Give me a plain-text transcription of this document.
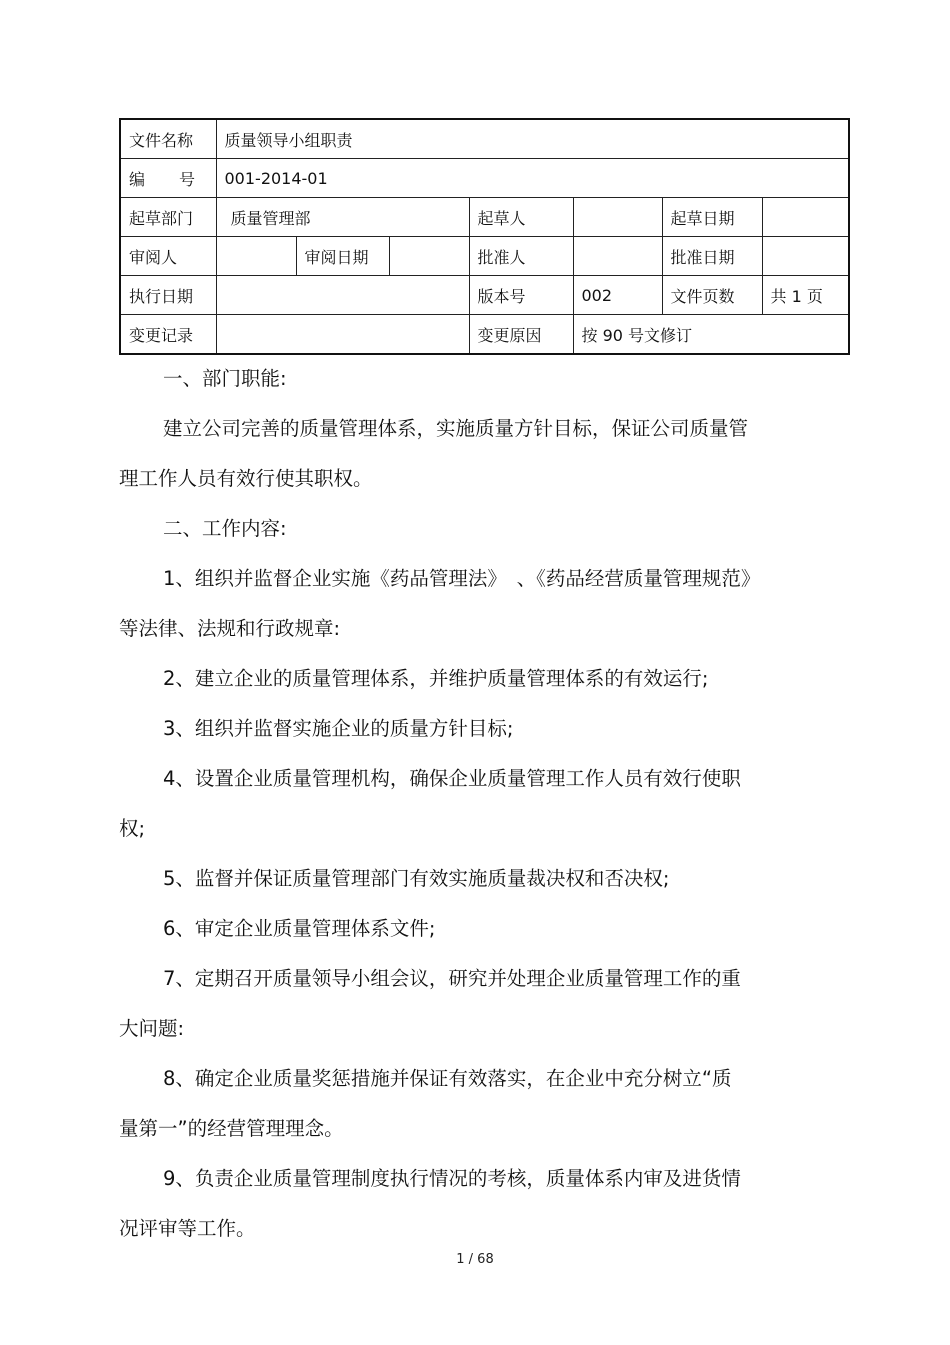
文件名称	质量领导小组职责						

编 号	001-2014-01						
起草部门	质量管理部			起草人		起草日期	
审阅人		审阅日期		批准人		批准日期	
执行日期				版本号	002	文件页数	共 1 页
变更记录				变更原因	按 90 号文修订		

一、部门职能:

建立公司完善的质量管理体系，实施质量方针目标，保证公司质量管

理工作人员有效行使其职权。

二、工作内容:

1、组织并监督企业实施《药品管理法》　、《药品经营质量管理规范》

等法律、法规和行政规章:

2、建立企业的质量管理体系，并维护质量管理体系的有效运行;

3、组织并监督实施企业的质量方针目标;

4、设置企业质量管理机构，确保企业质量管理工作人员有效行使职

权;

5、监督并保证质量管理部门有效实施质量裁决权和否决权;

6、审定企业质量管理体系文件;

7、定期召开质量领导小组会议，研究并处理企业质量管理工作的重

大问题:

8、确定企业质量奖惩措施并保证有效落实，在企业中充分树立“质

量第一”的经营管理理念。

9、负责企业质量管理制度执行情况的考核，质量体系内审及进货情

况评审等工作。

1 / 68
